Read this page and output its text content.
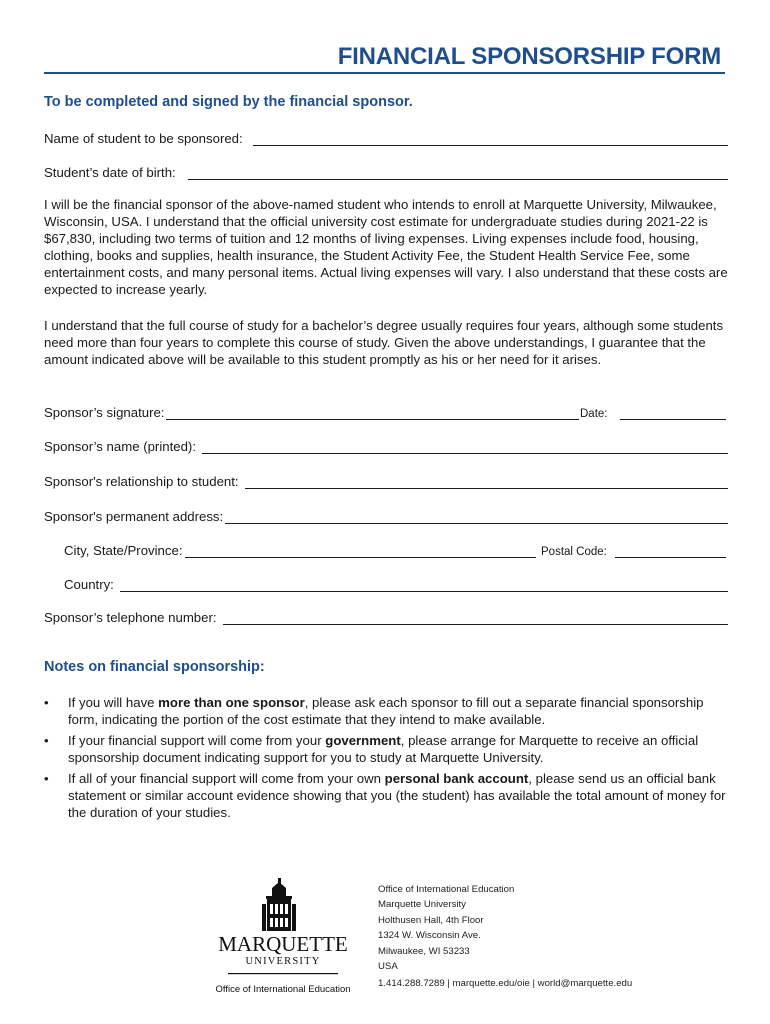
FINANCIAL SPONSORSHIP FORM
To be completed and signed by the financial sponsor.
Name of student to be sponsored:
Student’s date of birth:
I will be the financial sponsor of the above-named student who intends to enroll at Marquette University, Milwaukee, Wisconsin, USA. I understand that the official university cost estimate for undergraduate studies during 2021-22 is $67,830, including two terms of tuition and 12 months of living expenses. Living expenses include food, housing, clothing, books and supplies, health insurance, the Student Activity Fee, the Student Health Service Fee, some entertainment costs, and many personal items. Actual living expenses will vary. I also understand that these costs are expected to increase yearly.
I understand that the full course of study for a bachelor’s degree usually requires four years, although some students need more than four years to complete this course of study. Given the above understandings, I guarantee that the amount indicated above will be available to this student promptly as his or her need for it arises.
Sponsor’s signature:	Date:
Sponsor’s name (printed):
Sponsor's relationship to student:
Sponsor's permanent address:
City, State/Province:	Postal Code:
Country:
Sponsor’s telephone number:
Notes on financial sponsorship:
•	If you will have more than one sponsor, please ask each sponsor to fill out a separate financial sponsorship form, indicating the portion of the cost estimate that they intend to make available.
•	If your financial support will come from your government, please arrange for Marquette to receive an official sponsorship document indicating support for you to study at Marquette University.
•	If all of your financial support will come from your own personal bank account, please send us an official bank statement or similar account evidence showing that you (the student) has available the total amount of money for the duration of your studies.
MARQUETTE
UNIVERSITY
Office of International Education
Office of International Education
Marquette University
Holthusen Hall, 4th Floor
1324 W. Wisconsin Ave.
Milwaukee, WI 53233
USA
1.414.288.7289 | marquette.edu/oie | world@marquette.edu
